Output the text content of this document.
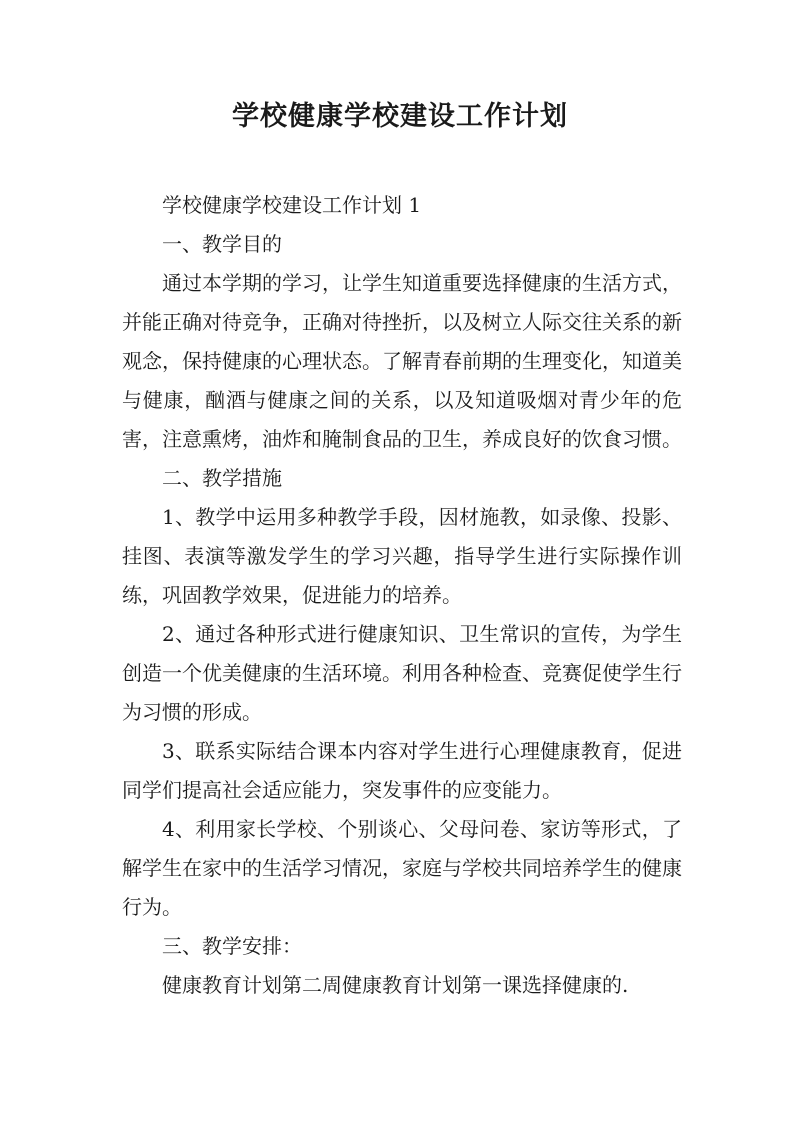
学校健康学校建设工作计划

学校健康学校建设工作计划 1

一、教学目的

通过本学期的学习，让学生知道重要选择健康的生活方式，并能正确对待竞争，正确对待挫折，以及树立人际交往关系的新观念，保持健康的心理状态。了解青春前期的生理变化，知道美与健康，酗酒与健康之间的关系，以及知道吸烟对青少年的危害，注意熏烤，油炸和腌制食品的卫生，养成良好的饮食习惯。

二、教学措施

1、教学中运用多种教学手段，因材施教，如录像、投影、挂图、表演等激发学生的学习兴趣，指导学生进行实际操作训练，巩固教学效果，促进能力的培养。

2、通过各种形式进行健康知识、卫生常识的宣传，为学生创造一个优美健康的生活环境。利用各种检查、竞赛促使学生行为习惯的形成。

3、联系实际结合课本内容对学生进行心理健康教育，促进同学们提高社会适应能力，突发事件的应变能力。

4、利用家长学校、个别谈心、父母问卷、家访等形式，了解学生在家中的生活学习情况，家庭与学校共同培养学生的健康行为。

三、教学安排：

健康教育计划第二周健康教育计划第一课选择健康的.
